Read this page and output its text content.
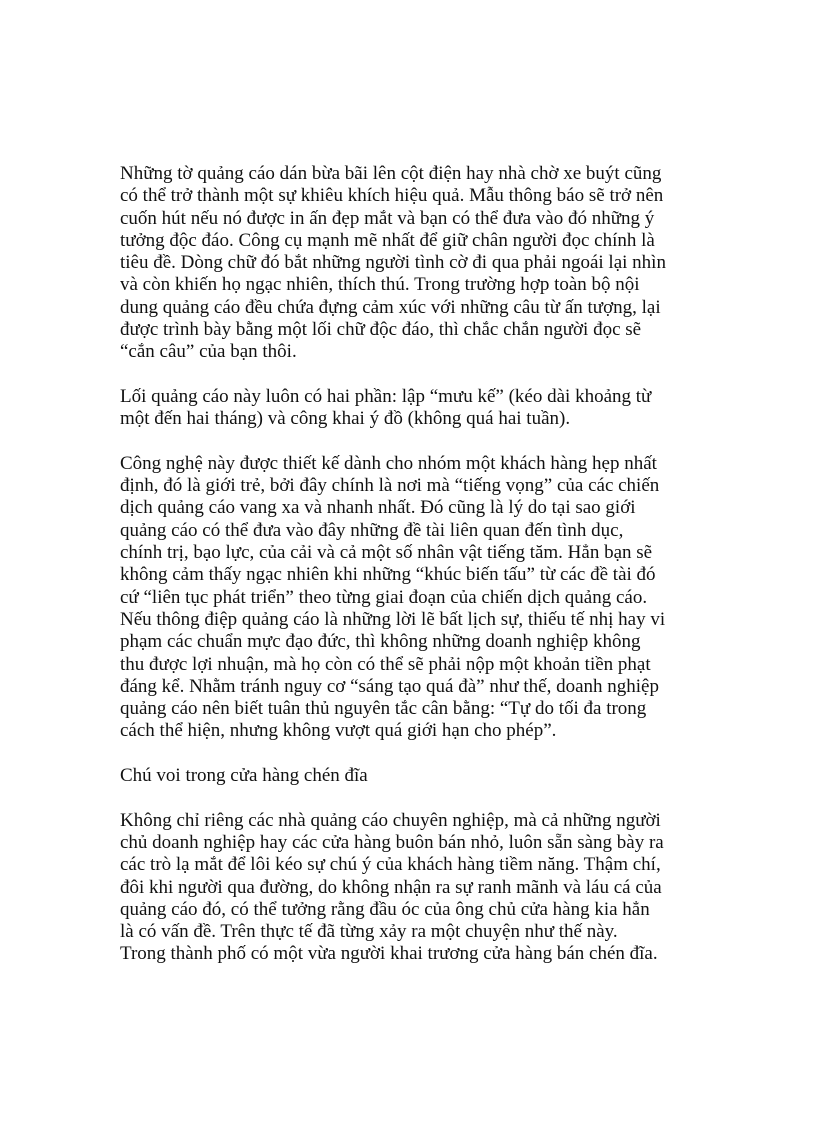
Những tờ quảng cáo dán bừa bãi lên cột điện hay nhà chờ xe buýt cũng
có thể trở thành một sự khiêu khích hiệu quả. Mẫu thông báo sẽ trở nên
cuốn hút nếu nó được in ấn đẹp mắt và bạn có thể đưa vào đó những ý
tưởng độc đáo. Công cụ mạnh mẽ nhất để giữ chân người đọc chính là
tiêu đề. Dòng chữ đó bắt những người tình cờ đi qua phải ngoái lại nhìn
và còn khiến họ ngạc nhiên, thích thú. Trong trường hợp toàn bộ nội
dung quảng cáo đều chứa đựng cảm xúc với những câu từ ấn tượng, lại
được trình bày bằng một lối chữ độc đáo, thì chắc chắn người đọc sẽ
“cắn câu” của bạn thôi.

Lối quảng cáo này luôn có hai phần: lập “mưu kế” (kéo dài khoảng từ
một đến hai tháng) và công khai ý đồ (không quá hai tuần).

Công nghệ này được thiết kế dành cho nhóm một khách hàng hẹp nhất
định, đó là giới trẻ, bởi đây chính là nơi mà “tiếng vọng” của các chiến
dịch quảng cáo vang xa và nhanh nhất. Đó cũng là lý do tại sao giới
quảng cáo có thể đưa vào đây những đề tài liên quan đến tình dục,
chính trị, bạo lực, của cải và cả một số nhân vật tiếng tăm. Hẳn bạn sẽ
không cảm thấy ngạc nhiên khi những “khúc biến tấu” từ các đề tài đó
cứ “liên tục phát triển” theo từng giai đoạn của chiến dịch quảng cáo.
Nếu thông điệp quảng cáo là những lời lẽ bất lịch sự, thiếu tế nhị hay vi
phạm các chuẩn mực đạo đức, thì không những doanh nghiệp không
thu được lợi nhuận, mà họ còn có thể sẽ phải nộp một khoản tiền phạt
đáng kể. Nhằm tránh nguy cơ “sáng tạo quá đà” như thế, doanh nghiệp
quảng cáo nên biết tuân thủ nguyên tắc cân bằng: “Tự do tối đa trong
cách thể hiện, nhưng không vượt quá giới hạn cho phép”.

Chú voi trong cửa hàng chén đĩa

Không chỉ riêng các nhà quảng cáo chuyên nghiệp, mà cả những người
chủ doanh nghiệp hay các cửa hàng buôn bán nhỏ, luôn sẵn sàng bày ra
các trò lạ mắt để lôi kéo sự chú ý của khách hàng tiềm năng. Thậm chí,
đôi khi người qua đường, do không nhận ra sự ranh mãnh và láu cá của
quảng cáo đó, có thể tưởng rằng đầu óc của ông chủ cửa hàng kia hẳn
là có vấn đề. Trên thực tế đã từng xảy ra một chuyện như thế này.
Trong thành phố có một vừa người khai trương cửa hàng bán chén đĩa.
